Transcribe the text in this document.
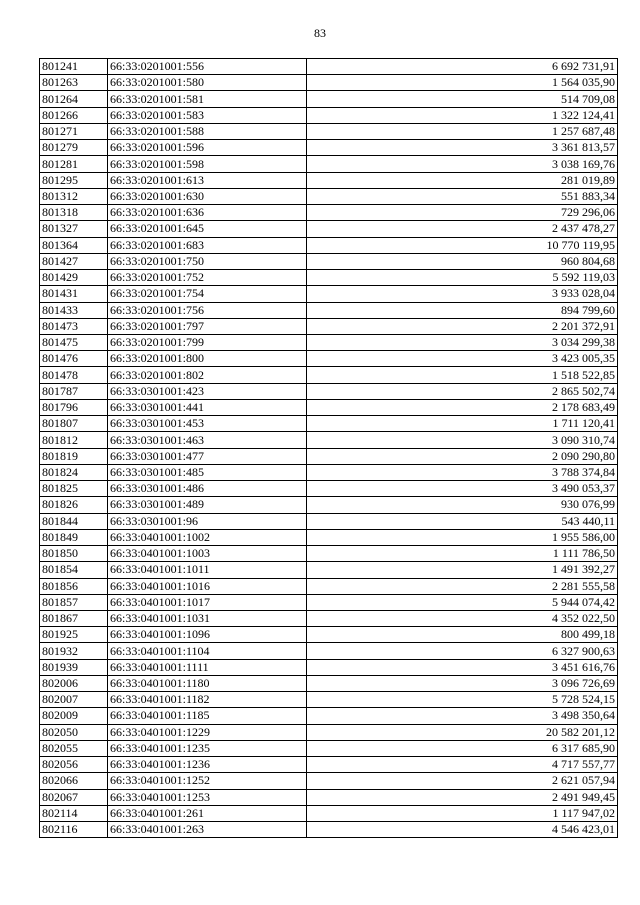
83
801241	66:33:0201001:556	6 692 731,91
801263	66:33:0201001:580	1 564 035,90
801264	66:33:0201001:581	514 709,08
801266	66:33:0201001:583	1 322 124,41
801271	66:33:0201001:588	1 257 687,48
801279	66:33:0201001:596	3 361 813,57
801281	66:33:0201001:598	3 038 169,76
801295	66:33:0201001:613	281 019,89
801312	66:33:0201001:630	551 883,34
801318	66:33:0201001:636	729 296,06
801327	66:33:0201001:645	2 437 478,27
801364	66:33:0201001:683	10 770 119,95
801427	66:33:0201001:750	960 804,68
801429	66:33:0201001:752	5 592 119,03
801431	66:33:0201001:754	3 933 028,04
801433	66:33:0201001:756	894 799,60
801473	66:33:0201001:797	2 201 372,91
801475	66:33:0201001:799	3 034 299,38
801476	66:33:0201001:800	3 423 005,35
801478	66:33:0201001:802	1 518 522,85
801787	66:33:0301001:423	2 865 502,74
801796	66:33:0301001:441	2 178 683,49
801807	66:33:0301001:453	1 711 120,41
801812	66:33:0301001:463	3 090 310,74
801819	66:33:0301001:477	2 090 290,80
801824	66:33:0301001:485	3 788 374,84
801825	66:33:0301001:486	3 490 053,37
801826	66:33:0301001:489	930 076,99
801844	66:33:0301001:96	543 440,11
801849	66:33:0401001:1002	1 955 586,00
801850	66:33:0401001:1003	1 111 786,50
801854	66:33:0401001:1011	1 491 392,27
801856	66:33:0401001:1016	2 281 555,58
801857	66:33:0401001:1017	5 944 074,42
801867	66:33:0401001:1031	4 352 022,50
801925	66:33:0401001:1096	800 499,18
801932	66:33:0401001:1104	6 327 900,63
801939	66:33:0401001:1111	3 451 616,76
802006	66:33:0401001:1180	3 096 726,69
802007	66:33:0401001:1182	5 728 524,15
802009	66:33:0401001:1185	3 498 350,64
802050	66:33:0401001:1229	20 582 201,12
802055	66:33:0401001:1235	6 317 685,90
802056	66:33:0401001:1236	4 717 557,77
802066	66:33:0401001:1252	2 621 057,94
802067	66:33:0401001:1253	2 491 949,45
802114	66:33:0401001:261	1 117 947,02
802116	66:33:0401001:263	4 546 423,01
